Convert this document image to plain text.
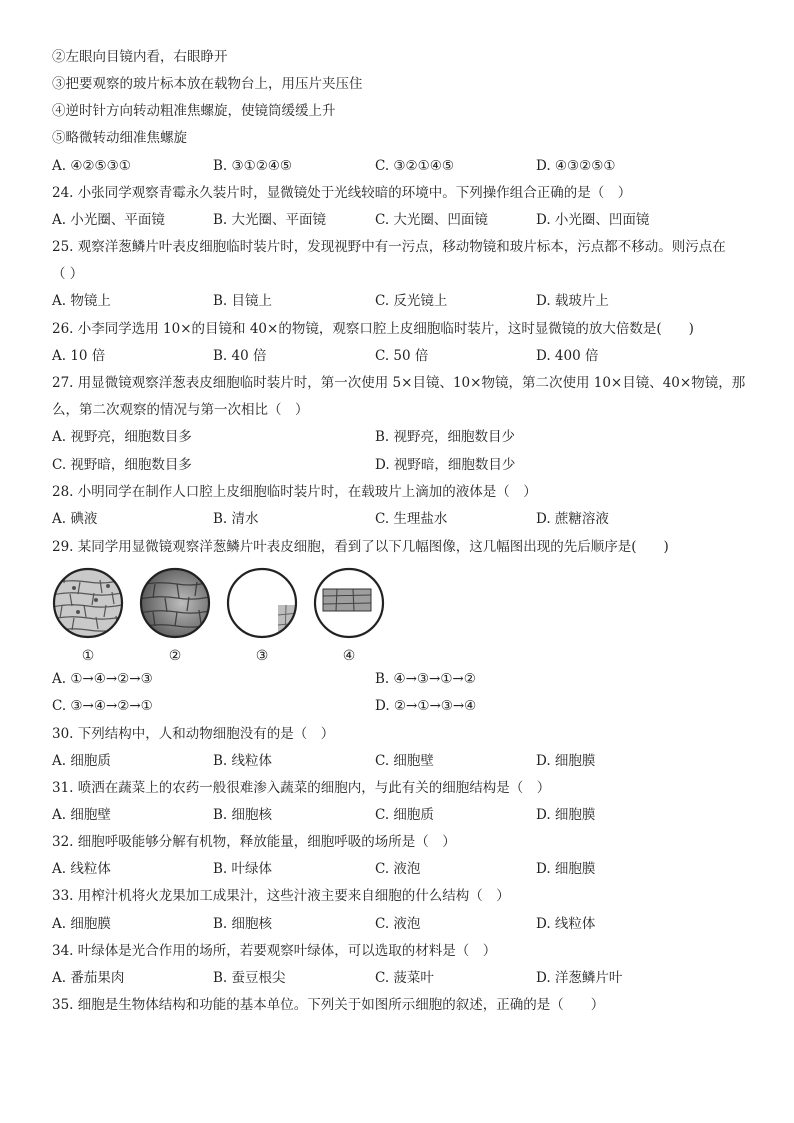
②左眼向目镜内看，右眼睁开
③把要观察的玻片标本放在载物台上，用压片夹压住
④逆时针方向转动粗准焦螺旋，使镜筒缓缓上升
⑤略微转动细准焦螺旋
A. ④②⑤③①	B. ③①②④⑤	C. ③②①④⑤	D. ④③②⑤①
24. 小张同学观察青霉永久装片时，显微镜处于光线较暗的环境中。下列操作组合正确的是（　）
A. 小光圈、平面镜	B. 大光圈、平面镜	C. 大光圈、凹面镜	D. 小光圈、凹面镜
25. 观察洋葱鳞片叶表皮细胞临时装片时，发现视野中有一污点，移动物镜和玻片标本，污点都不移动。则污点在
（ ）
A. 物镜上	B. 目镜上	C. 反光镜上	D. 载玻片上
26. 小李同学选用 10×的目镜和 40×的物镜，观察口腔上皮细胞临时装片，这时显微镜的放大倍数是(　　)
A. 10 倍	B. 40 倍	C. 50 倍	D. 400 倍
27. 用显微镜观察洋葱表皮细胞临时装片时，第一次使用 5×目镜、10×物镜，第二次使用 10×目镜、40×物镜，那
么，第二次观察的情况与第一次相比（　）
A. 视野亮，细胞数目多	B. 视野亮，细胞数目少
C. 视野暗，细胞数目多	D. 视野暗，细胞数目少
28. 小明同学在制作人口腔上皮细胞临时装片时，在载玻片上滴加的液体是（　）
A. 碘液	B. 清水	C. 生理盐水	D. 蔗糖溶液
29. 某同学用显微镜观察洋葱鳞片叶表皮细胞，看到了以下几幅图像，这几幅图出现的先后顺序是(　　)
①	②	③	④
A. ①→④→②→③	B. ④→③→①→②
C. ③→④→②→①	D. ②→①→③→④
30. 下列结构中，人和动物细胞没有的是（　）
A. 细胞质	B. 线粒体	C. 细胞壁	D. 细胞膜
31. 喷洒在蔬菜上的农药一般很难渗入蔬菜的细胞内，与此有关的细胞结构是（　）
A. 细胞壁	B. 细胞核	C. 细胞质	D. 细胞膜
32. 细胞呼吸能够分解有机物，释放能量，细胞呼吸的场所是（　）
A. 线粒体	B. 叶绿体	C. 液泡	D. 细胞膜
33. 用榨汁机将火龙果加工成果汁，这些汁液主要来自细胞的什么结构（　）
A. 细胞膜	B. 细胞核	C. 液泡	D. 线粒体
34. 叶绿体是光合作用的场所，若要观察叶绿体，可以选取的材料是（　）
A. 番茄果肉	B. 蚕豆根尖	C. 菠菜叶	D. 洋葱鳞片叶
35. 细胞是生物体结构和功能的基本单位。下列关于如图所示细胞的叙述，正确的是（　　）
